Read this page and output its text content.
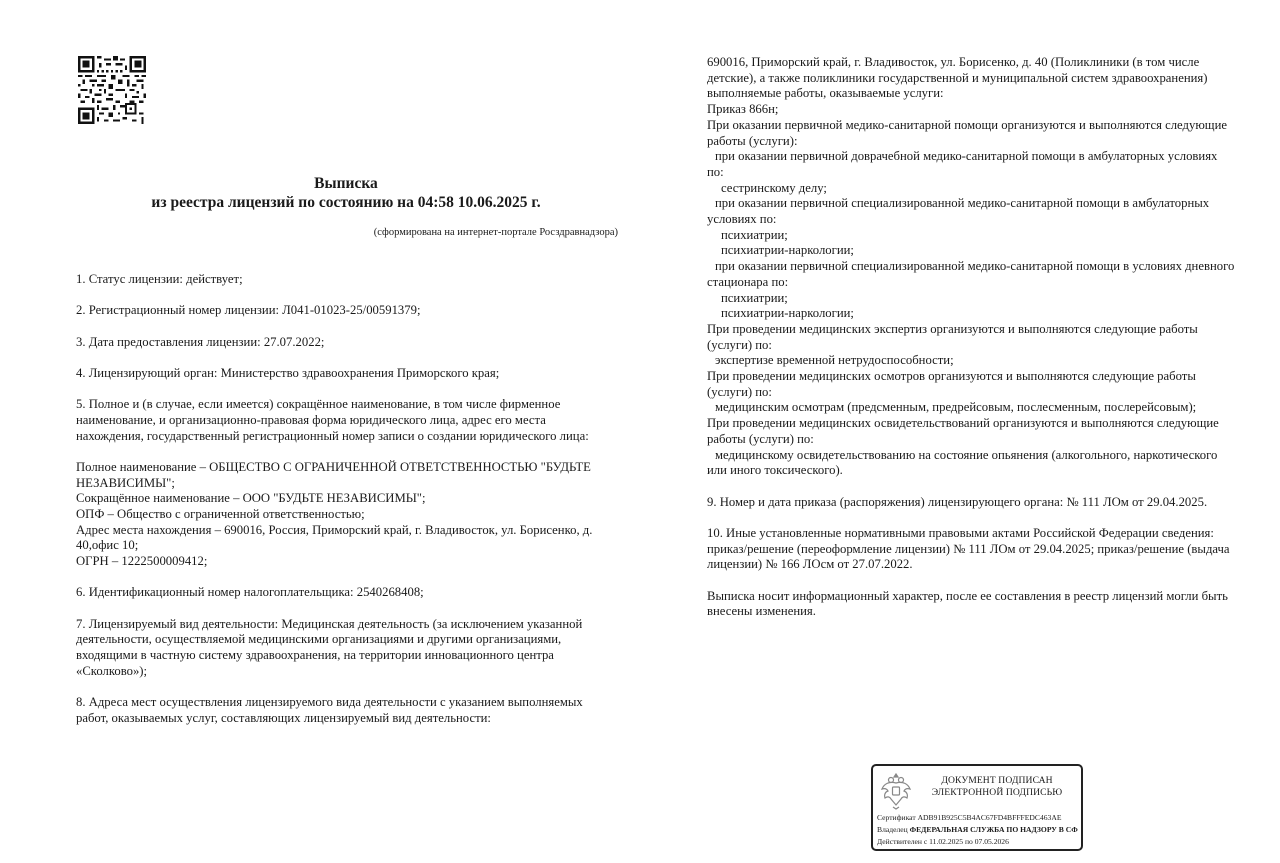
Выписка
из реестра лицензий по состоянию на 04:58 10.06.2025 г.
(сформирована на интернет-портале Росздравнадзора)
1. Статус лицензии: действует;
2. Регистрационный номер лицензии: Л041-01023-25/00591379;
3. Дата предоставления лицензии: 27.07.2022;
4. Лицензирующий орган: Министерство здравоохранения Приморского края;
5. Полное и (в случае, если имеется) сокращённое наименование, в том числе фирменное
наименование, и организационно-правовая форма юридического лица, адрес его места
нахождения, государственный регистрационный номер записи о создании юридического лица:
Полное наименование – ОБЩЕСТВО С ОГРАНИЧЕННОЙ ОТВЕТСТВЕННОСТЬЮ "БУДЬТЕ
НЕЗАВИСИМЫ";
Сокращённое наименование – ООО "БУДЬТЕ НЕЗАВИСИМЫ";
ОПФ – Общество с ограниченной ответственностью;
Адрес места нахождения – 690016, Россия, Приморский край, г. Владивосток, ул. Борисенко, д.
40,офис 10;
ОГРН – 1222500009412;
6. Идентификационный номер налогоплательщика: 2540268408;
7. Лицензируемый вид деятельности: Медицинская деятельность (за исключением указанной
деятельности, осуществляемой медицинскими организациями и другими организациями,
входящими в частную систему здравоохранения, на территории инновационного центра
«Сколково»);
8. Адреса мест осуществления лицензируемого вида деятельности с указанием выполняемых
работ, оказываемых услуг, составляющих лицензируемый вид деятельности:
690016, Приморский край, г. Владивосток, ул. Борисенко, д. 40 (Поликлиники (в том числе
детские), а также поликлиники государственной и муниципальной систем здравоохранения)
выполняемые работы, оказываемые услуги:
Приказ 866н;
При оказании первичной медико-санитарной помощи организуются и выполняются следующие
работы (услуги):
при оказании первичной доврачебной медико-санитарной помощи в амбулаторных условиях
по:
сестринскому делу;
при оказании первичной специализированной медико-санитарной помощи в амбулаторных
условиях по:
психиатрии;
психиатрии-наркологии;
при оказании первичной специализированной медико-санитарной помощи в условиях дневного
стационара по:
психиатрии;
психиатрии-наркологии;
При проведении медицинских экспертиз организуются и выполняются следующие работы
(услуги) по:
экспертизе временной нетрудоспособности;
При проведении медицинских осмотров организуются и выполняются следующие работы
(услуги) по:
медицинским осмотрам (предсменным, предрейсовым, послесменным, послерейсовым);
При проведении медицинских освидетельствований организуются и выполняются следующие
работы (услуги) по:
медицинскому освидетельствованию на состояние опьянения (алкогольного, наркотического
или иного токсического).
9. Номер и дата приказа (распоряжения) лицензирующего органа: № 111 ЛОм от 29.04.2025.
10. Иные установленные нормативными правовыми актами Российской Федерации сведения:
приказ/решение (переоформление лицензии) № 111 ЛОм от 29.04.2025; приказ/решение (выдача
лицензии) № 166 ЛОсм от 27.07.2022.
Выписка носит информационный характер, после ее составления в реестр лицензий могли быть
внесены изменения.
ДОКУМЕНТ ПОДПИСАН
ЭЛЕКТРОННОЙ ПОДПИСЬЮ
Сертификат ADB91B925C5B4AC67FD4BFFFEDC463AE
Владелец ФЕДЕРАЛЬНАЯ СЛУЖБА ПО НАДЗОРУ В СФ
Действителен с 11.02.2025 по 07.05.2026
